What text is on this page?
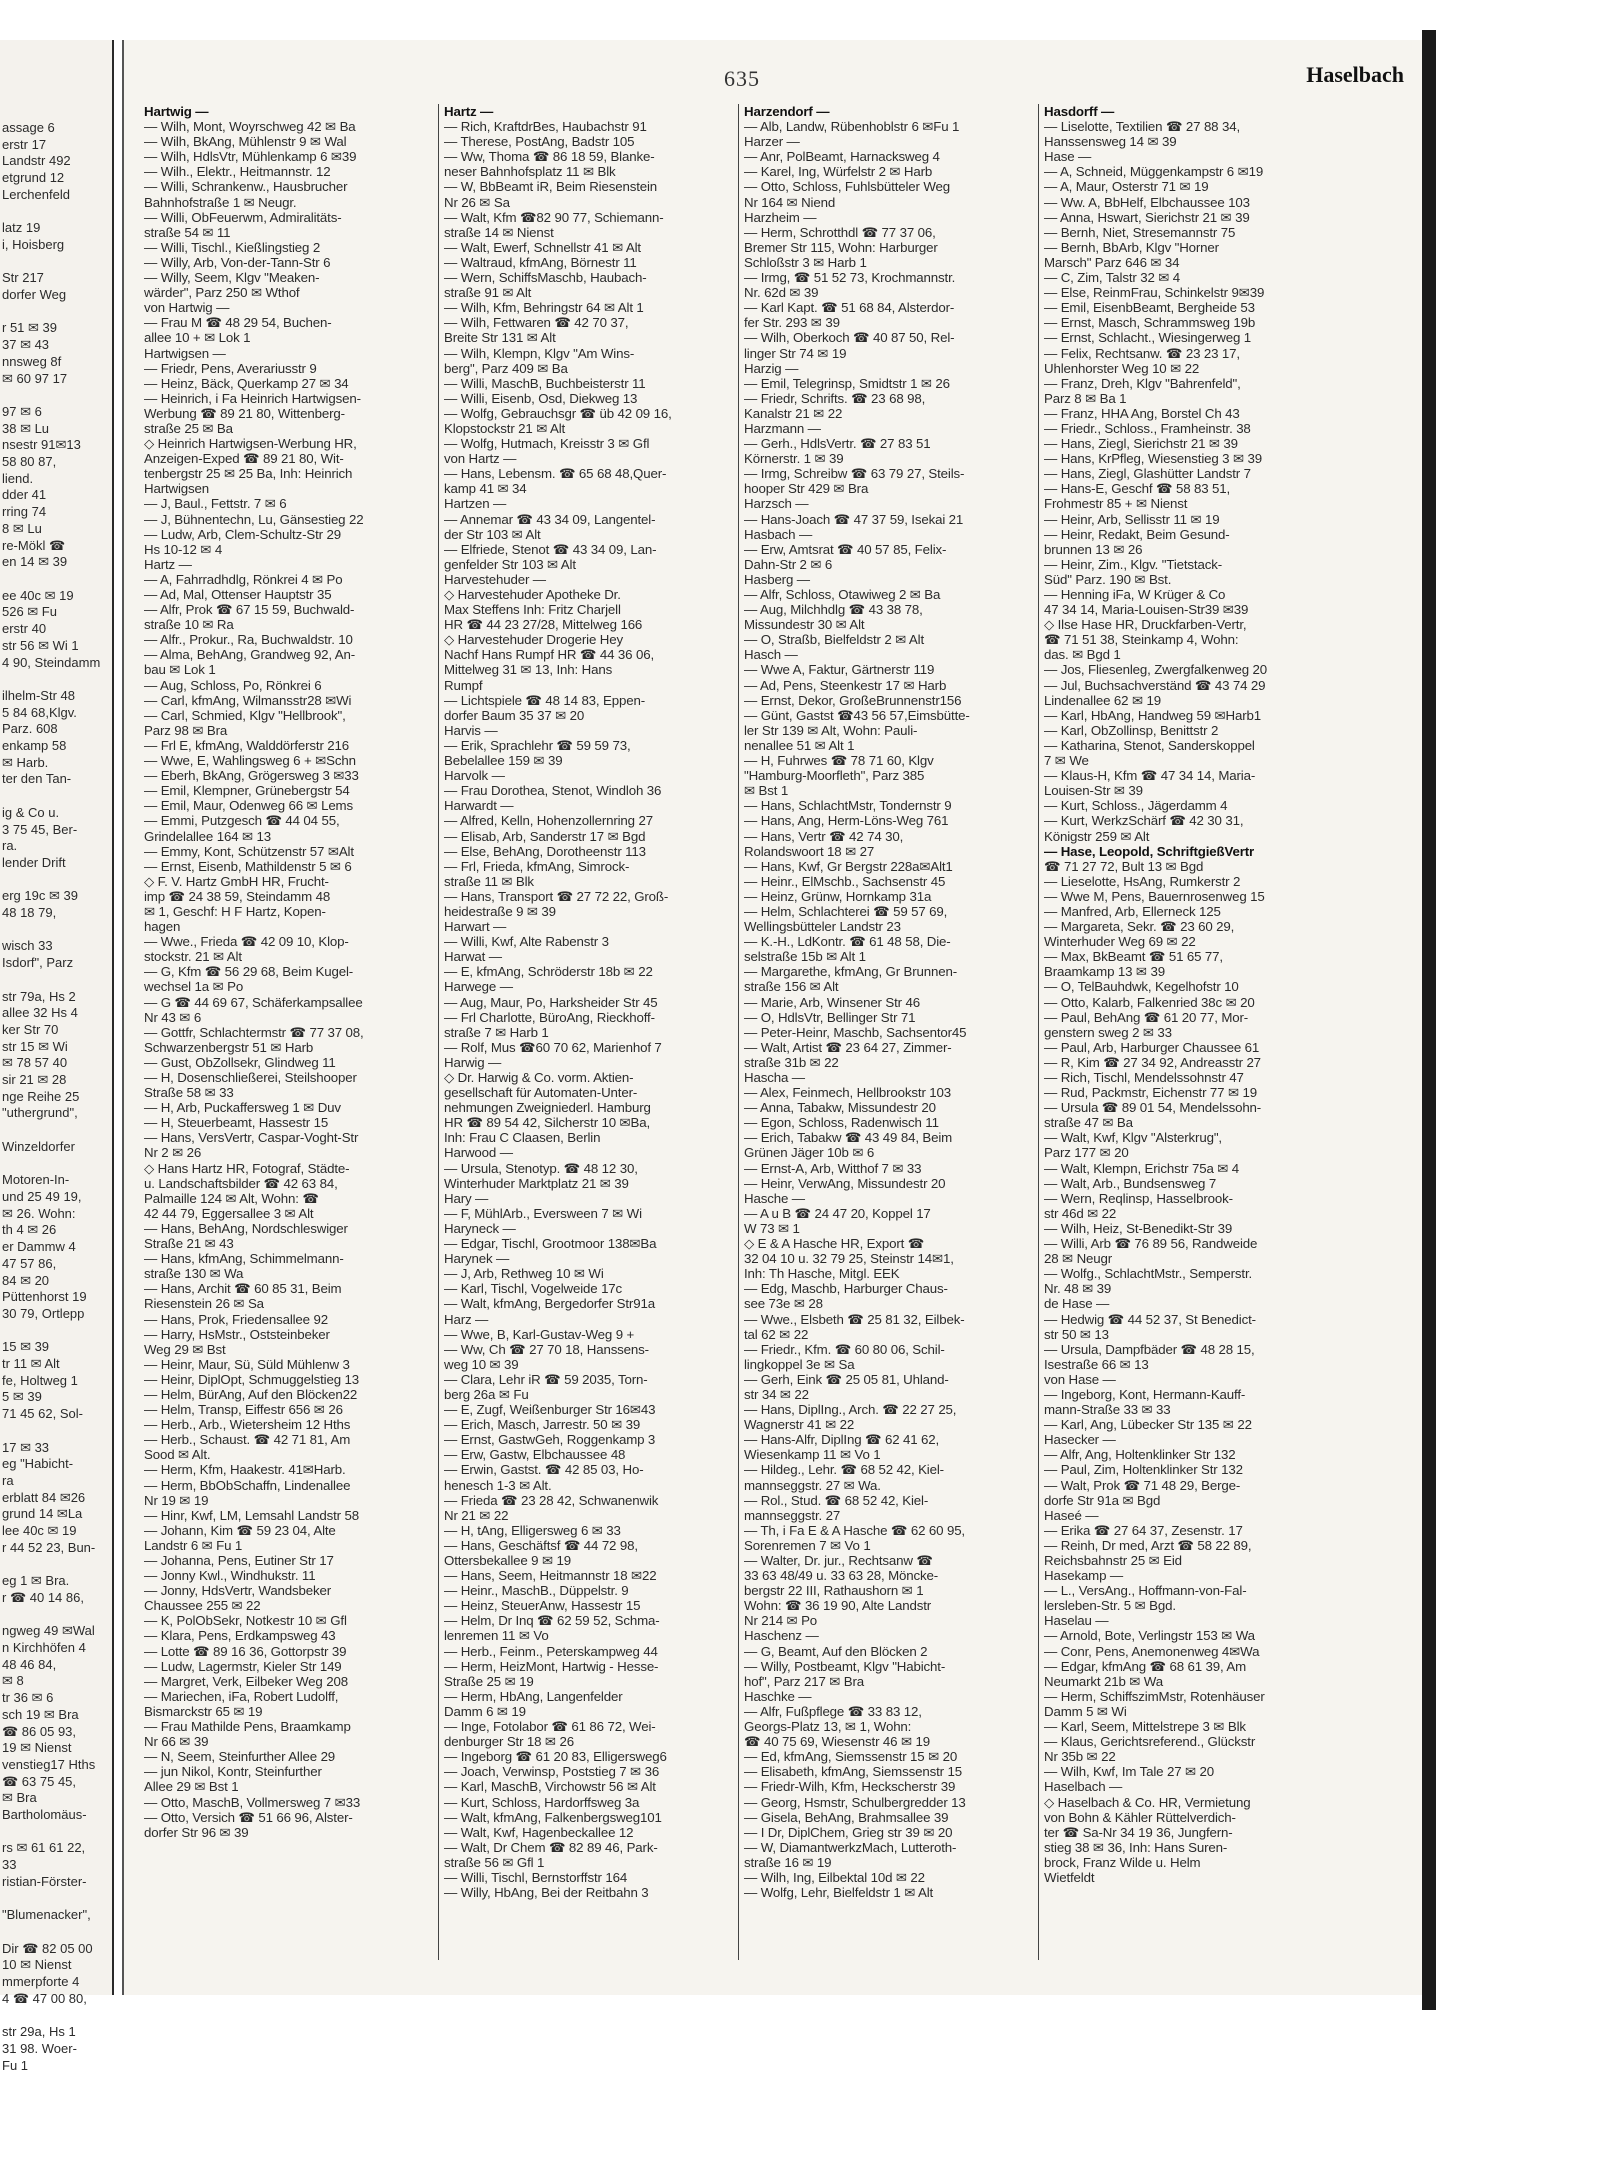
assage 6
erstr 17
Landstr 492
etgrund 12
Lerchenfeld

latz 19
i, Hoisberg

Str 217
dorfer Weg

r 51 ✉ 39
37 ✉ 43
nnsweg 8f
✉ 60 97 17

97 ✉ 6
38 ✉ Lu
nsestr 91✉13
58 80 87,
liend.
dder 41
rring 74
8 ✉ Lu
re-Mökl ☎
en 14 ✉ 39

ee 40c ✉ 19
526 ✉ Fu
erstr 40
str 56 ✉ Wi 1
4 90, Steindamm

ilhelm-Str 48
5 84 68,Klgv.
Parz. 608
enkamp 58
✉ Harb.
ter den Tan-

ig & Co u.
3 75 45, Ber-
ra.
lender Drift

erg 19c ✉ 39
48 18 79,

wisch 33
Isdorf", Parz

str 79a, Hs 2
allee 32 Hs 4
ker Str 70
str 15 ✉ Wi
✉ 78 57 40
sir 21 ✉ 28
nge Reihe 25
"uthergrund",

Winzeldorfer

Motoren-In-
und 25 49 19,
✉ 26. Wohn:
th 4 ✉ 26
er Dammw 4
47 57 86,
84 ✉ 20
Püttenhorst 19
30 79, Ortlepp

15 ✉ 39
tr 11 ✉ Alt
fe, Holtweg 1
5 ✉ 39
71 45 62, Sol-

17 ✉ 33
eg "Habicht-
ra
erblatt 84 ✉26
grund 14 ✉La
lee 40c ✉ 19
r 44 52 23, Bun-

eg 1 ✉ Bra.
r ☎ 40 14 86,

ngweg 49 ✉Wal
n Kirchhöfen 4
48 46 84,
✉ 8
tr 36 ✉ 6
sch 19 ✉ Bra
☎ 86 05 93,
19 ✉ Nienst
venstieg17 Hths
☎ 63 75 45,
✉ Bra
Bartholomäus-

rs ✉ 61 61 22,
33
ristian-Förster-

"Blumenacker",

Dir ☎ 82 05 00
10 ✉ Nienst
mmerpforte 4
4 ☎ 47 00 80,

str 29a, Hs 1
31 98. Woer-
Fu 1
635	Haselbach
Hartwig —
— Wilh, Mont, Woyrschweg 42 ✉ Ba
— Wilh, BkAng, Mühlenstr 9 ✉ Wal
— Wilh, HdlsVtr, Mühlenkamp 6 ✉39
— Wilh., Elektr., Heitmannstr. 12
— Willi, Schrankenw., Hausbrucher
Bahnhofstraße 1 ✉ Neugr.
— Willi, ObFeuerwm, Admiralitäts-
straße 54 ✉ 11
— Willi, Tischl., Kießlingstieg 2
— Willy, Arb, Von-der-Tann-Str 6
— Willy, Seem, Klgv "Meaken-
wärder", Parz 250 ✉ Wthof
von Hartwig —
— Frau M ☎ 48 29 54, Buchen-
allee 10 + ✉ Lok 1
Hartwigsen —
— Friedr, Pens, Averariusstr 9
— Heinz, Bäck, Querkamp 27 ✉ 34
— Heinrich, i Fa Heinrich Hartwigsen-
Werbung ☎ 89 21 80, Wittenberg-
straße 25 ✉ Ba
◇ Heinrich Hartwigsen-Werbung HR,
Anzeigen-Exped ☎ 89 21 80, Wit-
tenbergstr 25 ✉ 25 Ba, Inh: Heinrich
Hartwigsen
— J, Baul., Fettstr. 7 ✉ 6
— J, Bühnentechn, Lu, Gänsestieg 22
— Ludw, Arb, Clem-Schultz-Str 29
Hs 10-12 ✉ 4
Hartz —
— A, Fahrradhdlg, Rönkrei 4 ✉ Po
— Ad, Mal, Ottenser Hauptstr 35
— Alfr, Prok ☎ 67 15 59, Buchwald-
straße 10 ✉ Ra
— Alfr., Prokur., Ra, Buchwaldstr. 10
— Alma, BehAng, Grandweg 92, An-
bau ✉ Lok 1
— Aug, Schloss, Po, Rönkrei 6
— Carl, kfmAng, Wilmansstr28 ✉Wi
— Carl, Schmied, Klgv "Hellbrook",
Parz 98 ✉ Bra
— Frl E, kfmAng, Walddörferstr 216
— Wwe, E, Wahlingsweg 6 + ✉Schn
— Eberh, BkAng, Grögersweg 3 ✉33
— Emil, Klempner, Grünebergstr 54
— Emil, Maur, Odenweg 66 ✉ Lems
— Emmi, Putzgesch ☎ 44 04 55,
Grindelallee 164 ✉ 13
— Emmy, Kont, Schützenstr 57 ✉Alt
— Ernst, Eisenb, Mathildenstr 5 ✉ 6
◇ F. V. Hartz GmbH HR, Frucht-
imp ☎ 24 38 59, Steindamm 48
✉ 1, Geschf: H F Hartz, Kopen-
hagen
— Wwe., Frieda ☎ 42 09 10, Klop-
stockstr. 21 ✉ Alt
— G, Kfm ☎ 56 29 68, Beim Kugel-
wechsel 1a ✉ Po
— G ☎ 44 69 67, Schäferkampsallee
Nr 43 ✉ 6
— Gottfr, Schlachtermstr ☎ 77 37 08,
Schwarzenbergstr 51 ✉ Harb
— Gust, ObZollsekr, Glindweg 11
— H, Dosenschließerei, Steilshooper
Straße 58 ✉ 33
— H, Arb, Puckaffersweg 1 ✉ Duv
— H, Steuerbeamt, Hassestr 15
— Hans, VersVertr, Caspar-Voght-Str
Nr 2 ✉ 26
◇ Hans Hartz HR, Fotograf, Städte-
u. Landschaftsbilder ☎ 42 63 84,
Palmaille 124 ✉ Alt, Wohn: ☎
42 44 79, Eggersallee 3 ✉ Alt
— Hans, BehAng, Nordschleswiger
Straße 21 ✉ 43
— Hans, kfmAng, Schimmelmann-
straße 130 ✉ Wa
— Hans, Archit ☎ 60 85 31, Beim
Riesenstein 26 ✉ Sa
— Hans, Prok, Friedensallee 92
— Harry, HsMstr., Oststeinbeker
Weg 29 ✉ Bst
— Heinr, Maur, Sü, Süld Mühlenw 3
— Heinr, DiplOpt, Schmuggelstieg 13
— Helm, BürAng, Auf den Blöcken22
— Helm, Transp, Eiffestr 656 ✉ 26
— Herb., Arb., Wietersheim 12 Hths
— Herb., Schaust. ☎ 42 71 81, Am
Sood ✉ Alt.
— Herm, Kfm, Haakestr. 41✉Harb.
— Herm, BbObSchaffn, Lindenallee
Nr 19 ✉ 19
— Hinr, Kwf, LM, Lemsahl Landstr 58
— Johann, Kim ☎ 59 23 04, Alte
Landstr 6 ✉ Fu 1
— Johanna, Pens, Eutiner Str 17
— Jonny Kwl., Windhukstr. 11
— Jonny, HdsVertr, Wandsbeker
Chaussee 255 ✉ 22
— K, PolObSekr, Notkestr 10 ✉ Gfl
— Klara, Pens, Erdkampsweg 43
— Lotte ☎ 89 16 36, Gottorpstr 39
— Ludw, Lagermstr, Kieler Str 149
— Margret, Verk, Eilbeker Weg 208
— Mariechen, iFa, Robert Ludolff,
Bismarckstr 65 ✉ 19
— Frau Mathilde Pens, Braamkamp
Nr 66 ✉ 39
— N, Seem, Steinfurther Allee 29
— jun Nikol, Kontr, Steinfurther
Allee 29 ✉ Bst 1
— Otto, MaschB, Vollmersweg 7 ✉33
— Otto, Versich ☎ 51 66 96, Alster-
dorfer Str 96 ✉ 39
Hartz —
— Rich, KraftdrBes, Haubachstr 91
— Therese, PostAng, Badstr 105
— Ww, Thoma ☎ 86 18 59, Blanke-
neser Bahnhofsplatz 11 ✉ Blk
— W, BbBeamt iR, Beim Riesenstein
Nr 26 ✉ Sa
— Walt, Kfm ☎82 90 77, Schiemann-
straße 14 ✉ Nienst
— Walt, Ewerf, Schnellstr 41 ✉ Alt
— Waltraud, kfmAng, Börnestr 11
— Wern, SchiffsMaschb, Haubach-
straße 91 ✉ Alt
— Wilh, Kfm, Behringstr 64 ✉ Alt 1
— Wilh, Fettwaren ☎ 42 70 37,
Breite Str 131 ✉ Alt
— Wilh, Klempn, Klgv "Am Wins-
berg", Parz 409 ✉ Ba
— Willi, MaschB, Buchbeisterstr 11
— Willi, Eisenb, Osd, Diekweg 13
— Wolfg, Gebrauchsgr ☎ üb 42 09 16,
Klopstockstr 21 ✉ Alt
— Wolfg, Hutmach, Kreisstr 3 ✉ Gfl
von Hartz —
— Hans, Lebensm. ☎ 65 68 48,Quer-
kamp 41 ✉ 34
Hartzen —
— Annemar ☎ 43 34 09, Langentel-
der Str 103 ✉ Alt
— Elfriede, Stenot ☎ 43 34 09, Lan-
genfelder Str 103 ✉ Alt
Harvestehuder —
◇ Harvestehuder Apotheke Dr.
Max Steffens Inh: Fritz Charjell
HR ☎ 44 23 27/28, Mittelweg 166
◇ Harvestehuder Drogerie Hey
Nachf Hans Rumpf HR ☎ 44 36 06,
Mittelweg 31 ✉ 13, Inh: Hans
Rumpf
— Lichtspiele ☎ 48 14 83, Eppen-
dorfer Baum 35 37 ✉ 20
Harvis —
— Erik, Sprachlehr ☎ 59 59 73,
Bebelallee 159 ✉ 39
Harvolk —
— Frau Dorothea, Stenot, Windloh 36
Harwardt —
— Alfred, Kelln, Hohenzollernring 27
— Elisab, Arb, Sanderstr 17 ✉ Bgd
— Else, BehAng, Dorotheenstr 113
— Frl, Frieda, kfmAng, Simrock-
straße 11 ✉ Blk
— Hans, Transport ☎ 27 72 22, Groß-
heidestraße 9 ✉ 39
Harwart —
— Willi, Kwf, Alte Rabenstr 3
Harwat —
— E, kfmAng, Schröderstr 18b ✉ 22
Harwege —
— Aug, Maur, Po, Harksheider Str 45
— Frl Charlotte, BüroAng, Rieckhoff-
straße 7 ✉ Harb 1
— Rolf, Mus ☎60 70 62, Marienhof 7
Harwig —
◇ Dr. Harwig & Co. vorm. Aktien-
gesellschaft für Automaten-Unter-
nehmungen Zweigniederl. Hamburg
HR ☎ 89 54 42, Silcherstr 10 ✉Ba,
Inh: Frau C Claasen, Berlin
Harwood —
— Ursula, Stenotyp. ☎ 48 12 30,
Winterhuder Marktplatz 21 ✉ 39
Hary —
— F, MühlArb., Eversween 7 ✉ Wi
Haryneck —
— Edgar, Tischl, Grootmoor 138✉Ba
Harynek —
— J, Arb, Rethweg 10 ✉ Wi
— Karl, Tischl, Vogelweide 17c
— Walt, kfmAng, Bergedorfer Str91a
Harz —
— Wwe, B, Karl-Gustav-Weg 9 +
— Ww, Ch ☎ 27 70 18, Hanssens-
weg 10 ✉ 39
— Clara, Lehr iR ☎ 59 2035, Torn-
berg 26a ✉ Fu
— E, Zugf, Weißenburger Str 16✉43
— Erich, Masch, Jarrestr. 50 ✉ 39
— Ernst, GastwGeh, Roggenkamp 3
— Erw, Gastw, Elbchaussee 48
— Erwin, Gastst. ☎ 42 85 03, Ho-
henesch 1-3 ✉ Alt.
— Frieda ☎ 23 28 42, Schwanenwik
Nr 21 ✉ 22
— H, tAng, Elligersweg 6 ✉ 33
— Hans, Geschäftsf ☎ 44 72 98,
Ottersbekallee 9 ✉ 19
— Hans, Seem, Heitmannstr 18 ✉22
— Heinr., MaschB., Düppelstr. 9
— Heinz, SteuerAnw, Hassestr 15
— Helm, Dr Inq ☎ 62 59 52, Schma-
lenremen 11 ✉ Vo
— Herb., Feinm., Peterskampweg 44
— Herm, HeizMont, Hartwig - Hesse-
Straße 25 ✉ 19
— Herm, HbAng, Langenfelder
Damm 6 ✉ 19
— Inge, Fotolabor ☎ 61 86 72, Wei-
denburger Str 18 ✉ 26
— Ingeborg ☎ 61 20 83, Elligersweg6
— Joach, Verwinsp, Poststieg 7 ✉ 36
— Karl, MaschB, Virchowstr 56 ✉ Alt
— Kurt, Schloss, Hardorffsweg 3a
— Walt, kfmAng, Falkenbergsweg101
— Walt, Kwf, Hagenbeckallee 12
— Walt, Dr Chem ☎ 82 89 46, Park-
straße 56 ✉ Gfl 1
— Willi, Tischl, Bernstorffstr 164
— Willy, HbAng, Bei der Reitbahn 3
Harzendorf —
— Alb, Landw, Rübenhoblstr 6 ✉Fu 1
Harzer —
— Anr, PolBeamt, Harnacksweg 4
— Karel, Ing, Würfelstr 2 ✉ Harb
— Otto, Schloss, Fuhlsbütteler Weg
Nr 164 ✉ Niend
Harzheim —
— Herm, Schrotthdl ☎ 77 37 06,
Bremer Str 115, Wohn: Harburger
Schloßstr 3 ✉ Harb 1
— Irmg, ☎ 51 52 73, Krochmannstr.
Nr. 62d ✉ 39
— Karl Kapt. ☎ 51 68 84, Alsterdor-
fer Str. 293 ✉ 39
— Wilh, Oberkoch ☎ 40 87 50, Rel-
linger Str 74 ✉ 19
Harzig —
— Emil, Telegrinsp, Smidtstr 1 ✉ 26
— Friedr, Schrifts. ☎ 23 68 98,
Kanalstr 21 ✉ 22
Harzmann —
— Gerh., HdlsVertr. ☎ 27 83 51
Körnerstr. 1 ✉ 39
— Irmg, Schreibw ☎ 63 79 27, Steils-
hooper Str 429 ✉ Bra
Harzsch —
— Hans-Joach ☎ 47 37 59, Isekai 21
Hasbach —
— Erw, Amtsrat ☎ 40 57 85, Felix-
Dahn-Str 2 ✉ 6
Hasberg —
— Alfr, Schloss, Otawiweg 2 ✉ Ba
— Aug, Milchhdlg ☎ 43 38 78,
Missundestr 30 ✉ Alt
— O, Straßb, Bielfeldstr 2 ✉ Alt
Hasch —
— Wwe A, Faktur, Gärtnerstr 119
— Ad, Pens, Steenkestr 17 ✉ Harb
— Ernst, Dekor, GroßeBrunnenstr156
— Günt, Gastst ☎43 56 57,Eimsbütte-
ler Str 139 ✉ Alt, Wohn: Pauli-
nenallee 51 ✉ Alt 1
— H, Fuhrwes ☎ 78 71 60, Klgv
"Hamburg-Moorfleth", Parz 385
✉ Bst 1
— Hans, SchlachtMstr, Tondernstr 9
— Hans, Ang, Herm-Löns-Weg 761
— Hans, Vertr ☎ 42 74 30,
Rolandswoort 18 ✉ 27
— Hans, Kwf, Gr Bergstr 228a✉Alt1
— Heinr., ElMschb., Sachsenstr 45
— Heinz, Grünw, Hornkamp 31a
— Helm, Schlachterei ☎ 59 57 69,
Wellingsbütteler Landstr 23
— K.-H., LdKontr. ☎ 61 48 58, Die-
selstraße 15b ✉ Alt 1
— Margarethe, kfmAng, Gr Brunnen-
straße 156 ✉ Alt
— Marie, Arb, Winsener Str 46
— O, HdlsVtr, Bellinger Str 71
— Peter-Heinr, Maschb, Sachsentor45
— Walt, Artist ☎ 23 64 27, Zimmer-
straße 31b ✉ 22
Hascha —
— Alex, Feinmech, Hellbrookstr 103
— Anna, Tabakw, Missundestr 20
— Egon, Schloss, Radenwisch 11
— Erich, Tabakw ☎ 43 49 84, Beim
Grünen Jäger 10b ✉ 6
— Ernst-A, Arb, Witthof 7 ✉ 33
— Heinr, VerwAng, Missundestr 20
Hasche —
— A u B ☎ 24 47 20, Koppel 17
W 73 ✉ 1
◇ E & A Hasche HR, Export ☎
32 04 10 u. 32 79 25, Steinstr 14✉1,
Inh: Th Hasche, Mitgl. EEK
— Edg, Maschb, Harburger Chaus-
see 73e ✉ 28
— Wwe., Elsbeth ☎ 25 81 32, Eilbek-
tal 62 ✉ 22
— Friedr., Kfm. ☎ 60 80 06, Schil-
lingkoppel 3e ✉ Sa
— Gerh, Eink ☎ 25 05 81, Uhland-
str 34 ✉ 22
— Hans, DiplIng., Arch. ☎ 22 27 25,
Wagnerstr 41 ✉ 22
— Hans-Alfr, DiplIng ☎ 62 41 62,
Wiesenkamp 11 ✉ Vo 1
— Hildeg., Lehr. ☎ 68 52 42, Kiel-
mannseggstr. 27 ✉ Wa.
— Rol., Stud. ☎ 68 52 42, Kiel-
mannseggstr. 27
— Th, i Fa E & A Hasche ☎ 62 60 95,
Sorenremen 7 ✉ Vo 1
— Walter, Dr. jur., Rechtsanw ☎
33 63 48/49 u. 33 63 28, Möncke-
bergstr 22 III, Rathaushorn ✉ 1
Wohn: ☎ 36 19 90, Alte Landstr
Nr 214 ✉ Po
Haschenz —
— G, Beamt, Auf den Blöcken 2
— Willy, Postbeamt, Klgv "Habicht-
hof", Parz 217 ✉ Bra
Haschke —
— Alfr, Fußpflege ☎ 33 83 12,
Georgs-Platz 13, ✉ 1, Wohn:
☎ 40 75 69, Wiesenstr 46 ✉ 19
— Ed, kfmAng, Siemssenstr 15 ✉ 20
— Elisabeth, kfmAng, Siemssenstr 15
— Friedr-Wilh, Kfm, Heckscherstr 39
— Georg, Hsmstr, Schulbergredder 13
— Gisela, BehAng, Brahmsallee 39
— I Dr, DiplChem, Grieg str 39 ✉ 20
— W, DiamantwerkzMach, Lutteroth-
straße 16 ✉ 19
— Wilh, Ing, Eilbektal 10d ✉ 22
— Wolfg, Lehr, Bielfeldstr 1 ✉ Alt
Hasdorff —
— Liselotte, Textilien ☎ 27 88 34,
Hanssensweg 14 ✉ 39
Hase —
— A, Schneid, Müggenkampstr 6 ✉19
— A, Maur, Osterstr 71 ✉ 19
— Ww. A, BbHelf, Elbchaussee 103
— Anna, Hswart, Sierichstr 21 ✉ 39
— Bernh, Niet, Stresemannstr 75
— Bernh, BbArb, Klgv "Horner
Marsch" Parz 646 ✉ 34
— C, Zim, Talstr 32 ✉ 4
— Else, ReinmFrau, Schinkelstr 9✉39
— Emil, EisenbBeamt, Bergheide 53
— Ernst, Masch, Schrammsweg 19b
— Ernst, Schlacht., Wiesingerweg 1
— Felix, Rechtsanw. ☎ 23 23 17,
Uhlenhorster Weg 10 ✉ 22
— Franz, Dreh, Klgv "Bahrenfeld",
Parz 8 ✉ Ba 1
— Franz, HHA Ang, Borstel Ch 43
— Friedr., Schloss., Framheinstr. 38
— Hans, Ziegl, Sierichstr 21 ✉ 39
— Hans, KrPfleg, Wiesenstieg 3 ✉ 39
— Hans, Ziegl, Glashütter Landstr 7
— Hans-E, Geschf ☎ 58 83 51,
Frohmestr 85 + ✉ Nienst
— Heinr, Arb, Sellisstr 11 ✉ 19
— Heinr, Redakt, Beim Gesund-
brunnen 13 ✉ 26
— Heinr, Zim., Klgv. "Tietstack-
Süd" Parz. 190 ✉ Bst.
— Henning iFa, W Krüger & Co
47 34 14, Maria-Louisen-Str39 ✉39
◇ Ilse Hase HR, Druckfarben-Vertr,
☎ 71 51 38, Steinkamp 4, Wohn:
das. ✉ Bgd 1
— Jos, Fliesenleg, Zwergfalkenweg 20
— Jul, Buchsachverständ ☎ 43 74 29
Lindenallee 62 ✉ 19
— Karl, HbAng, Handweg 59 ✉Harb1
— Karl, ObZollinsp, Benittstr 2
— Katharina, Stenot, Sanderskoppel
7 ✉ We
— Klaus-H, Kfm ☎ 47 34 14, Maria-
Louisen-Str ✉ 39
— Kurt, Schloss., Jägerdamm 4
— Kurt, WerkzSchärf ☎ 42 30 31,
Königstr 259 ✉ Alt
— Hase, Leopold, SchriftgießVertr
☎ 71 27 72, Bult 13 ✉ Bgd
— Lieselotte, HsAng, Rumkerstr 2
— Wwe M, Pens, Bauernrosenweg 15
— Manfred, Arb, Ellerneck 125
— Margareta, Sekr. ☎ 23 60 29,
Winterhuder Weg 69 ✉ 22
— Max, BkBeamt ☎ 51 65 77,
Braamkamp 13 ✉ 39
— O, TelBauhdwk, Kegelhofstr 10
— Otto, Kalarb, Falkenried 38c ✉ 20
— Paul, BehAng ☎ 61 20 77, Mor-
genstern sweg 2 ✉ 33
— Paul, Arb, Harburger Chaussee 61
— R, Kim ☎ 27 34 92, Andreasstr 27
— Rich, Tischl, Mendelssohnstr 47
— Rud, Packmstr, Eichenstr 77 ✉ 19
— Ursula ☎ 89 01 54, Mendelssohn-
straße 47 ✉ Ba
— Walt, Kwf, Klgv "Alsterkrug",
Parz 177 ✉ 20
— Walt, Klempn, Erichstr 75a ✉ 4
— Walt, Arb., Bundsensweg 7
— Wern, Reqlinsp, Hasselbrook-
str 46d ✉ 22
— Wilh, Heiz, St-Benedikt-Str 39
— Willi, Arb ☎ 76 89 56, Randweide
28 ✉ Neugr
— Wolfg., SchlachtMstr., Semperstr.
Nr. 48 ✉ 39
de Hase —
— Hedwig ☎ 44 52 37, St Benedict-
str 50 ✉ 13
— Ursula, Dampfbäder ☎ 48 28 15,
Isestraße 66 ✉ 13
von Hase —
— Ingeborg, Kont, Hermann-Kauff-
mann-Straße 33 ✉ 33
— Karl, Ang, Lübecker Str 135 ✉ 22
Hasecker —
— Alfr, Ang, Holtenklinker Str 132
— Paul, Zim, Holtenklinker Str 132
— Walt, Prok ☎ 71 48 29, Berge-
dorfe Str 91a ✉ Bgd
Haseé —
— Erika ☎ 27 64 37, Zesenstr. 17
— Reinh, Dr med, Arzt ☎ 58 22 89,
Reichsbahnstr 25 ✉ Eid
Hasekamp —
— L., VersAng., Hoffmann-von-Fal-
lersleben-Str. 5 ✉ Bgd.
Haselau —
— Arnold, Bote, Verlingstr 153 ✉ Wa
— Conr, Pens, Anemonenweg 4✉Wa
— Edgar, kfmAng ☎ 68 61 39, Am
Neumarkt 21b ✉ Wa
— Herm, SchiffszimMstr, Rotenhäuser
Damm 5 ✉ Wi
— Karl, Seem, Mittelstrepe 3 ✉ Blk
— Klaus, Gerichtsreferend., Glückstr
Nr 35b ✉ 22
— Wilh, Kwf, Im Tale 27 ✉ 20
Haselbach —
◇ Haselbach & Co. HR, Vermietung
von Bohn & Kähler Rüttelverdich-
ter ☎ Sa-Nr 34 19 36, Jungfern-
stieg 38 ✉ 36, Inh: Hans Suren-
brock, Franz Wilde u. Helm
Wietfeldt
